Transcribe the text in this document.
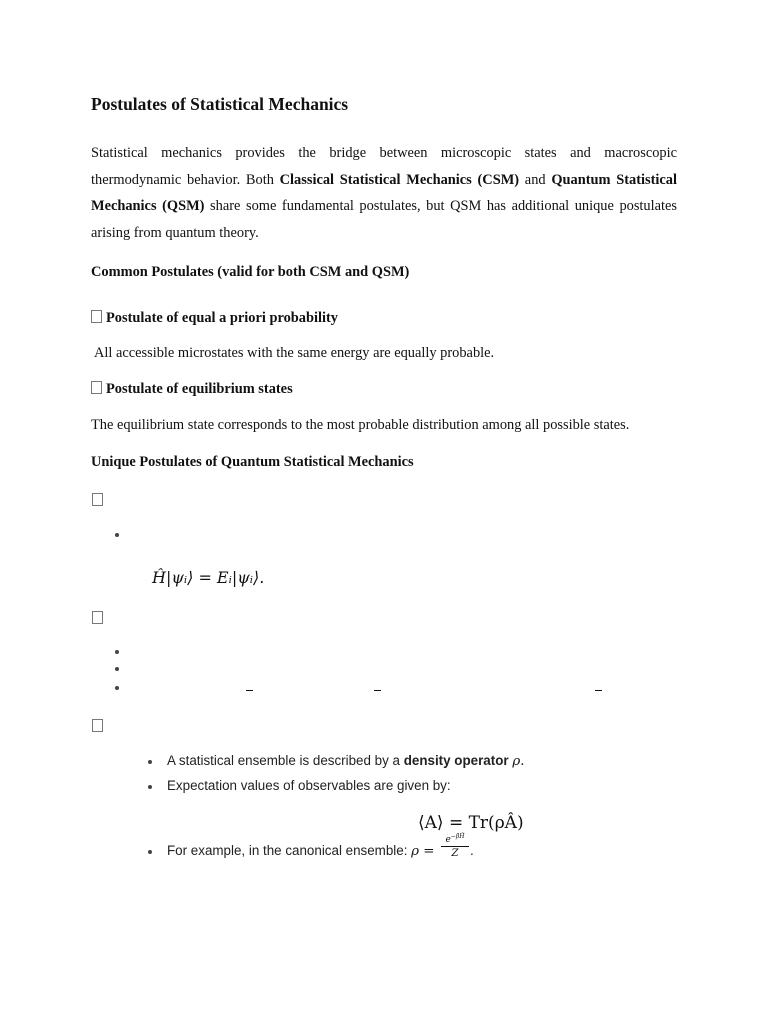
Postulates of Statistical Mechanics
Statistical mechanics provides the bridge between microscopic states and macroscopic thermodynamic behavior. Both Classical Statistical Mechanics (CSM) and Quantum Statistical Mechanics (QSM) share some fundamental postulates, but QSM has additional unique postulates arising from quantum theory.
Common Postulates (valid for both CSM and QSM)
Postulate of equal a priori probability
All accessible microstates with the same energy are equally probable.
Postulate of equilibrium states
The equilibrium state corresponds to the most probable distribution among all possible states.
Unique Postulates of Quantum Statistical Mechanics
Ĥ|ψᵢ⟩ = Eᵢ|ψᵢ⟩.
A statistical ensemble is described by a density operator ρ.
Expectation values of observables are given by:
⟨A⟩ = Tr(ρÂ)
For example, in the canonical ensemble: ρ =
$e^{-\beta Ĥ}$
Z .
